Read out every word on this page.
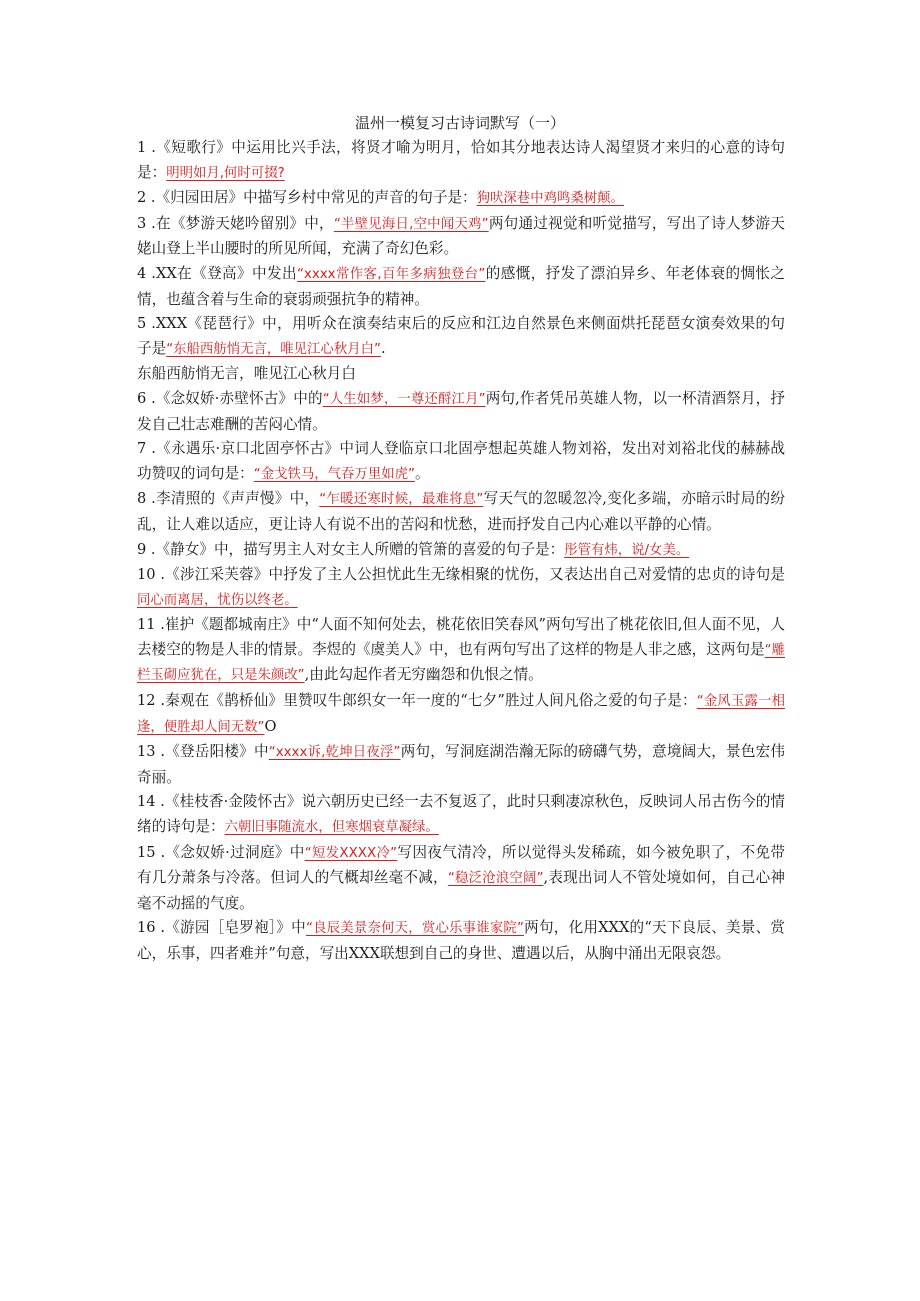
温州一模复习古诗词默写（一）

1 .《短歌行》中运用比兴手法，将贤才喻为明月，恰如其分地表达诗人渴望贤才来归的心意的诗句是：明明如月,何时可掇?

2 .《归园田居》中描写乡村中常见的声音的句子是：狗吠深巷中鸡鸣桑树颠。

3 .在《梦游天姥吟留别》中，“半壁见海日,空中闻天鸡”两句通过视觉和听觉描写，写出了诗人梦游天姥山登上半山腰时的所见所闻，充满了奇幻色彩。

4 .XX在《登高》中发出“xxxx常作客,百年多病独登台”的感慨，抒发了漂泊异乡、年老体衰的惆怅之情，也蕴含着与生命的衰弱顽强抗争的精神。

5 .XXX《琵琶行》中，用听众在演奏结束后的反应和江边自然景色来侧面烘托琵琶女演奏效果的句子是“东船西舫悄无言，唯见江心秋月白”.

东船西舫悄无言，唯见江心秋月白

6 .《念奴娇·赤壁怀古》中的“人生如梦，一尊还酹江月”两句,作者凭吊英雄人物，以一杯清酒祭月，抒发自己壮志难酬的苦闷心情。

7 .《永遇乐·京口北固亭怀古》中词人登临京口北固亭想起英雄人物刘裕，发出对刘裕北伐的赫赫战功赞叹的词句是：“金戈铁马，气吞万里如虎”。

8 .李清照的《声声慢》中，“乍暖还寒时候，最难将息”写天气的忽暖忽冷,变化多端，亦暗示时局的纷乱，让人难以适应，更让诗人有说不出的苦闷和忧愁，进而抒发自己内心难以平静的心情。

9 .《静女》中，描写男主人对女主人所赠的管箫的喜爱的句子是：彤管有炜，说/女美。

10 .《涉江采芙蓉》中抒发了主人公担忧此生无缘相聚的忧伤，又表达出自己对爱情的忠贞的诗句是同心而离居，忧伤以终老。

11 .崔护《题都城南庄》中“人面不知何处去，桃花依旧笑春风”两句写出了桃花依旧,但人面不见，人去楼空的物是人非的情景。李煜的《虞美人》中，也有两句写出了这样的物是人非之感，这两句是“雕栏玉砌应犹在，只是朱颜改”,由此勾起作者无穷幽怨和仇恨之情。

12 .秦观在《鹊桥仙》里赞叹牛郎织女一年一度的“七夕”胜过人间凡俗之爱的句子是：“金风玉露一相逢，便胜却人间无数”O

13 .《登岳阳楼》中“xxxx诉,乾坤日夜浮”两句，写洞庭湖浩瀚无际的磅礴气势，意境阔大，景色宏伟奇丽。

14 .《桂枝香·金陵怀古》说六朝历史已经一去不复返了，此时只剩凄凉秋色，反映词人吊古伤今的情绪的诗句是：六朝旧事随流水，但寒烟衰草凝绿。

15 .《念奴娇·过洞庭》中“短发XXXX冷”写因夜气清冷，所以觉得头发稀疏，如今被免职了，不免带有几分萧条与冷落。但词人的气概却丝毫不减，“稳泛沧浪空阔”,表现出词人不管处境如何，自己心神毫不动摇的气度。

16 .《游园［皂罗袍］》中“良辰美景奈何天，赏心乐事谁家院”两句，化用XXX的“天下良辰、美景、赏心，乐事，四者难并”句意，写出XXX联想到自己的身世、遭遇以后，从胸中涌出无限哀怨。
